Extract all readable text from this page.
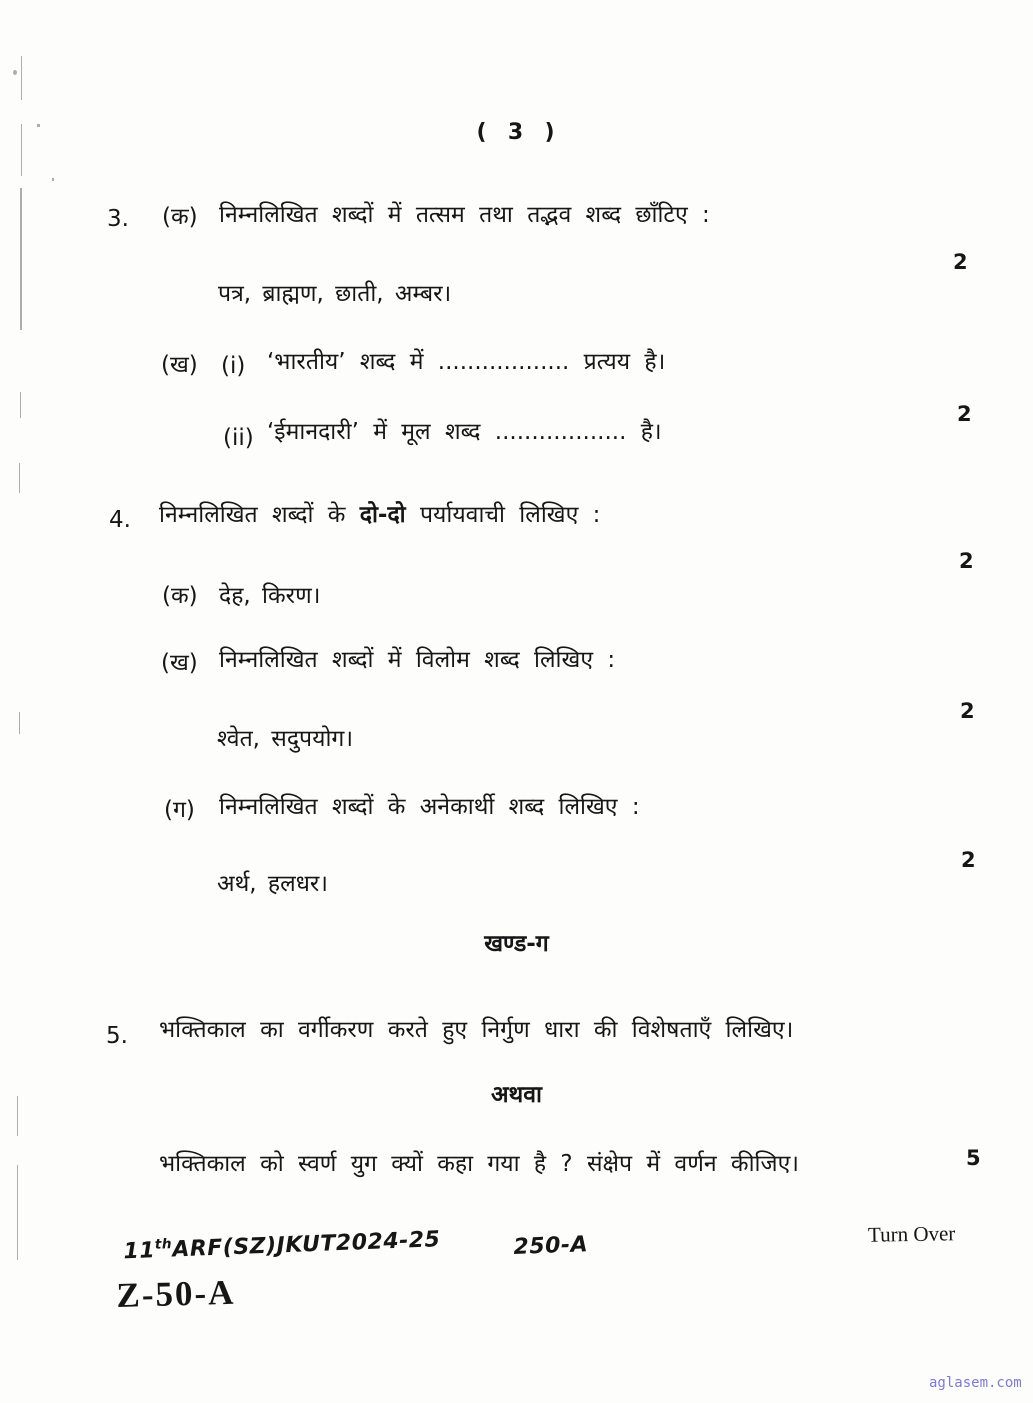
(  3  )
3. (क) निम्नलिखित शब्दों में तत्सम तथा तद्भव शब्द छाँटिए :
2
पत्र, ब्राह्मण, छाती, अम्बर।
(ख) (i) ‘भारतीय’ शब्द में .................. प्रत्यय है।
2
(ii) ‘ईमानदारी’ में मूल शब्द .................. है।
4. निम्नलिखित शब्दों के दो-दो पर्यायवाची लिखिए :
2
(क) देह, किरण।
(ख) निम्नलिखित शब्दों में विलोम शब्द लिखिए :
2
श्वेत, सदुपयोग।
(ग) निम्नलिखित शब्दों के अनेकार्थी शब्द लिखिए :
2
अर्थ, हलधर।
खण्ड-ग
5. भक्तिकाल का वर्गीकरण करते हुए निर्गुण धारा की विशेषताएँ लिखिए।
अथवा
भक्तिकाल को स्वर्ण युग क्यों कहा गया है ? संक्षेप में वर्णन कीजिए।	5
11thARF(SZ)JKUT2024-25	250-A	Turn Over
Z-50-A
aglasem.com
